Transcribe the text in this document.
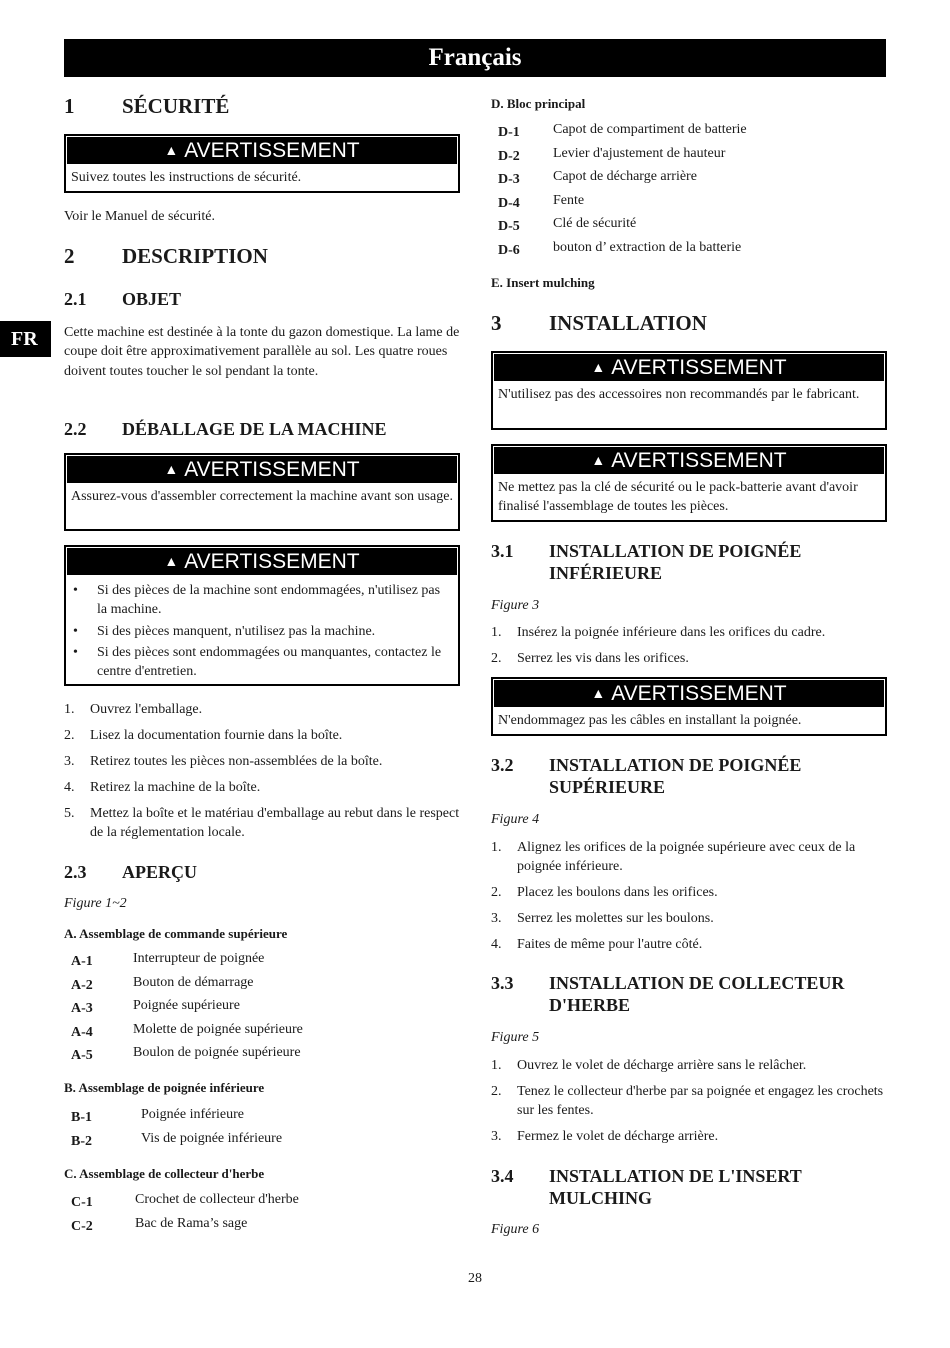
Français
FR
1	SÉCURITÉ
▲ AVERTISSEMENT
Suivez toutes les instructions de sécurité.

Voir le Manuel de sécurité.

2	DESCRIPTION
2.1	OBJET

Cette machine est destinée à la tonte du gazon domestique. La lame de coupe doit être approximativement parallèle au sol. Les quatre roues doivent toutes toucher le sol pendant la tonte.

2.2	DÉBALLAGE DE LA MACHINE
▲ AVERTISSEMENT
Assurez-vous d'assembler correctement la machine avant son usage.
▲ AVERTISSEMENT
•	Si des pièces de la machine sont endommagées, n'utilisez pas la machine.
•	Si des pièces manquent, n'utilisez pas la machine.
•	Si des pièces sont endommagées ou manquantes, contactez le centre d'entretien.
1.	Ouvrez l'emballage.
2.	Lisez la documentation fournie dans la boîte.
3.	Retirez toutes les pièces non-assemblées de la boîte.
4.	Retirez la machine de la boîte.
5.	Mettez la boîte et le matériau d'emballage au rebut dans le respect de la réglementation locale.
2.3	APERÇU
Figure 1~2
A. Assemblage de commande supérieure
A-1	Interrupteur de poignée
A-2	Bouton de démarrage
A-3	Poignée supérieure
A-4	Molette de poignée supérieure
A-5	Boulon de poignée supérieure
B. Assemblage de poignée inférieure
B-1	Poignée inférieure
B-2	Vis de poignée inférieure
C. Assemblage de collecteur d'herbe
C-1	Crochet de collecteur d'herbe
C-2	Bac de Rama’s sage
D. Bloc principal
D-1	Capot de compartiment de batterie
D-2	Levier d'ajustement de hauteur
D-3	Capot de décharge arrière
D-4	Fente
D-5	Clé de sécurité
D-6	bouton d’ extraction de la batterie
E. Insert mulching
3	INSTALLATION
▲ AVERTISSEMENT
N'utilisez pas des accessoires non recommandés par le fabricant.
▲ AVERTISSEMENT
Ne mettez pas la clé de sécurité ou le pack-batterie avant d'avoir finalisé l'assemblage de toutes les pièces.
3.1	INSTALLATION DE POIGNÉE INFÉRIEURE
Figure 3
1.	Insérez la poignée inférieure dans les orifices du cadre.
2.	Serrez les vis dans les orifices.
▲ AVERTISSEMENT
N'endommagez pas les câbles en installant la poignée.
3.2	INSTALLATION DE POIGNÉE SUPÉRIEURE
Figure 4
1.	Alignez les orifices de la poignée supérieure avec ceux de la poignée inférieure.
2.	Placez les boulons dans les orifices.
3.	Serrez les molettes sur les boulons.
4.	Faites de même pour l'autre côté.
3.3	INSTALLATION DE COLLECTEUR D'HERBE
Figure 5
1.	Ouvrez le volet de décharge arrière sans le relâcher.
2.	Tenez le collecteur d'herbe par sa poignée et engagez les crochets sur les fentes.
3.	Fermez le volet de décharge arrière.
3.4	INSTALLATION DE L'INSERT MULCHING
Figure 6
28
